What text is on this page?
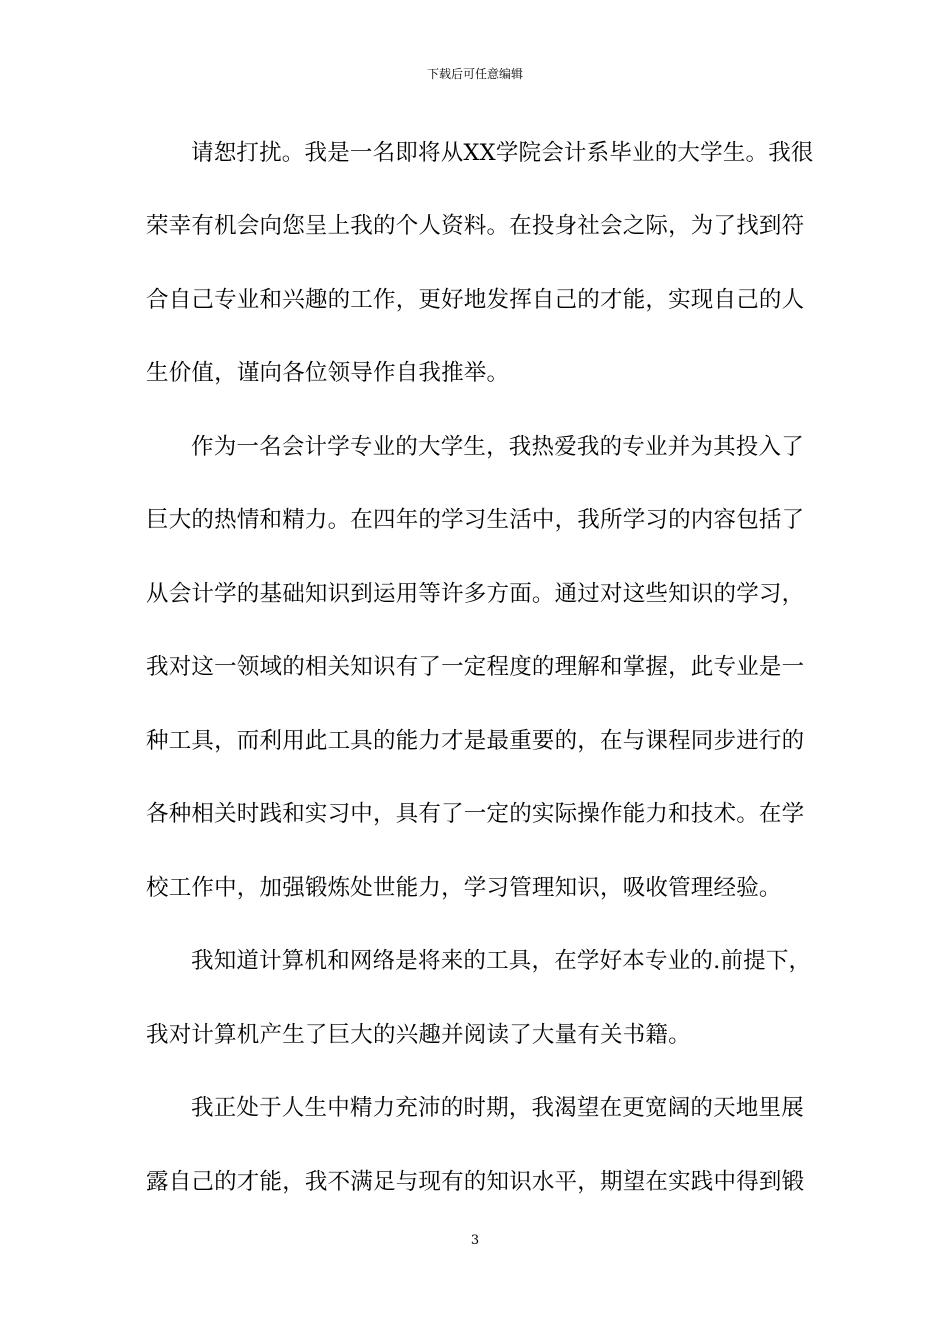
下载后可任意编辑
请恕打扰。我是一名即将从XX学院会计系毕业的大学生。我很
荣幸有机会向您呈上我的个人资料。在投身社会之际，为了找到符
合自己专业和兴趣的工作，更好地发挥自己的才能，实现自己的人
生价值，谨向各位领导作自我推举。
作为一名会计学专业的大学生，我热爱我的专业并为其投入了
巨大的热情和精力。在四年的学习生活中，我所学习的内容包括了
从会计学的基础知识到运用等许多方面。通过对这些知识的学习，
我对这一领域的相关知识有了一定程度的理解和掌握，此专业是一
种工具，而利用此工具的能力才是最重要的，在与课程同步进行的
各种相关时践和实习中，具有了一定的实际操作能力和技术。在学
校工作中，加强锻炼处世能力，学习管理知识，吸收管理经验。
我知道计算机和网络是将来的工具，在学好本专业的.前提下，
我对计算机产生了巨大的兴趣并阅读了大量有关书籍。
我正处于人生中精力充沛的时期，我渴望在更宽阔的天地里展
露自己的才能，我不满足与现有的知识水平，期望在实践中得到锻
3
